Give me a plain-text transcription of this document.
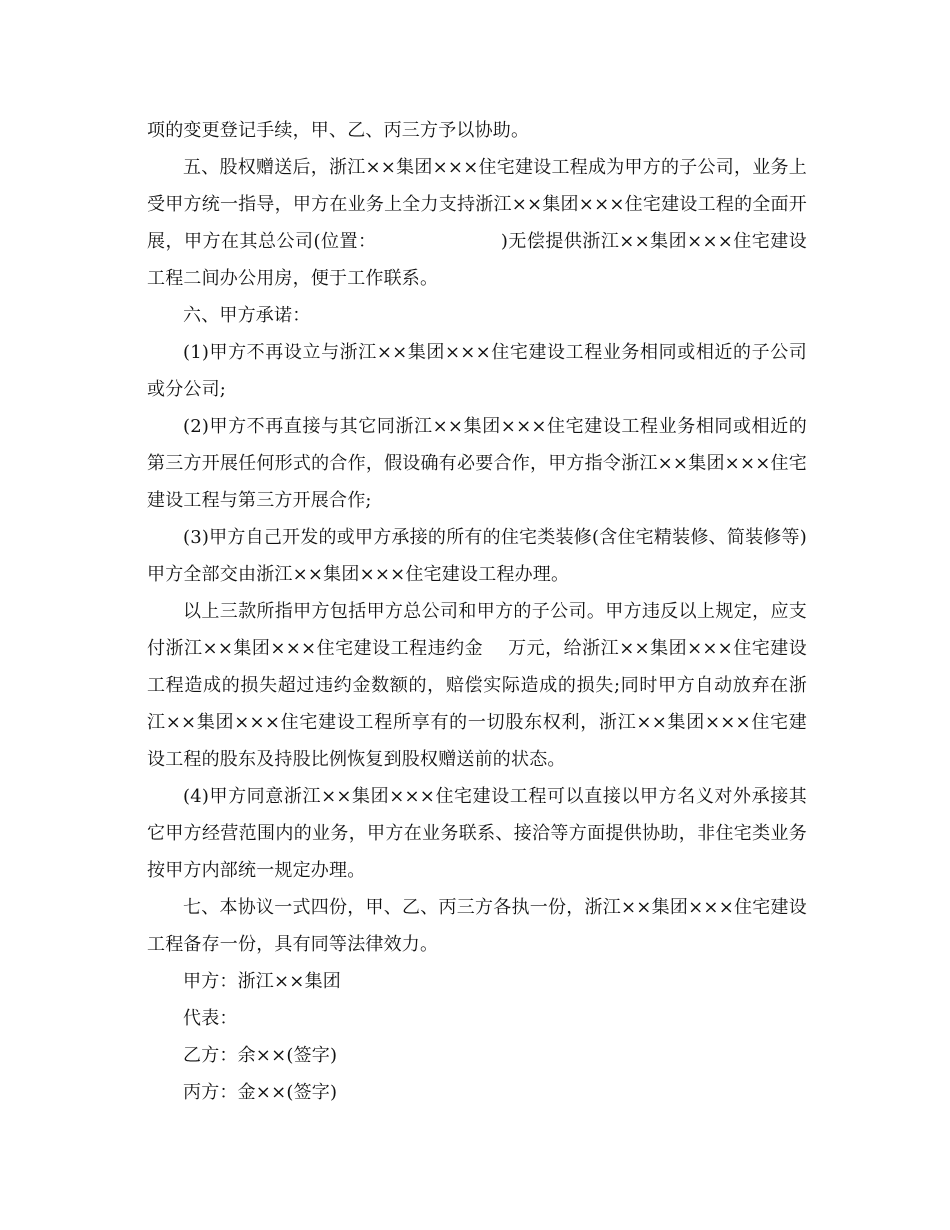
项的变更登记手续，甲、乙、丙三方予以协助。

五、股权赠送后，浙江××集团×××住宅建设工程成为甲方的子公司，业务上受甲方统一指导，甲方在业务上全力支持浙江××集团×××住宅建设工程的全面开展，甲方在其总公司(位置：                    )无偿提供浙江××集团×××住宅建设工程二间办公用房，便于工作联系。

六、甲方承诺：

(1)甲方不再设立与浙江××集团×××住宅建设工程业务相同或相近的子公司或分公司;

(2)甲方不再直接与其它同浙江××集团×××住宅建设工程业务相同或相近的第三方开展任何形式的合作，假设确有必要合作，甲方指令浙江××集团×××住宅建设工程与第三方开展合作;

(3)甲方自己开发的或甲方承接的所有的住宅类装修(含住宅精装修、简装修等)甲方全部交由浙江××集团×××住宅建设工程办理。

以上三款所指甲方包括甲方总公司和甲方的子公司。甲方违反以上规定，应支付浙江××集团×××住宅建设工程违约金    万元，给浙江××集团×××住宅建设工程造成的损失超过违约金数额的，赔偿实际造成的损失;同时甲方自动放弃在浙江××集团×××住宅建设工程所享有的一切股东权利，浙江××集团×××住宅建设工程的股东及持股比例恢复到股权赠送前的状态。

(4)甲方同意浙江××集团×××住宅建设工程可以直接以甲方名义对外承接其它甲方经营范围内的业务，甲方在业务联系、接洽等方面提供协助，非住宅类业务按甲方内部统一规定办理。

七、本协议一式四份，甲、乙、丙三方各执一份，浙江××集团×××住宅建设工程备存一份，具有同等法律效力。

甲方：浙江××集团

代表：

乙方：余××(签字)

丙方：金××(签字)
